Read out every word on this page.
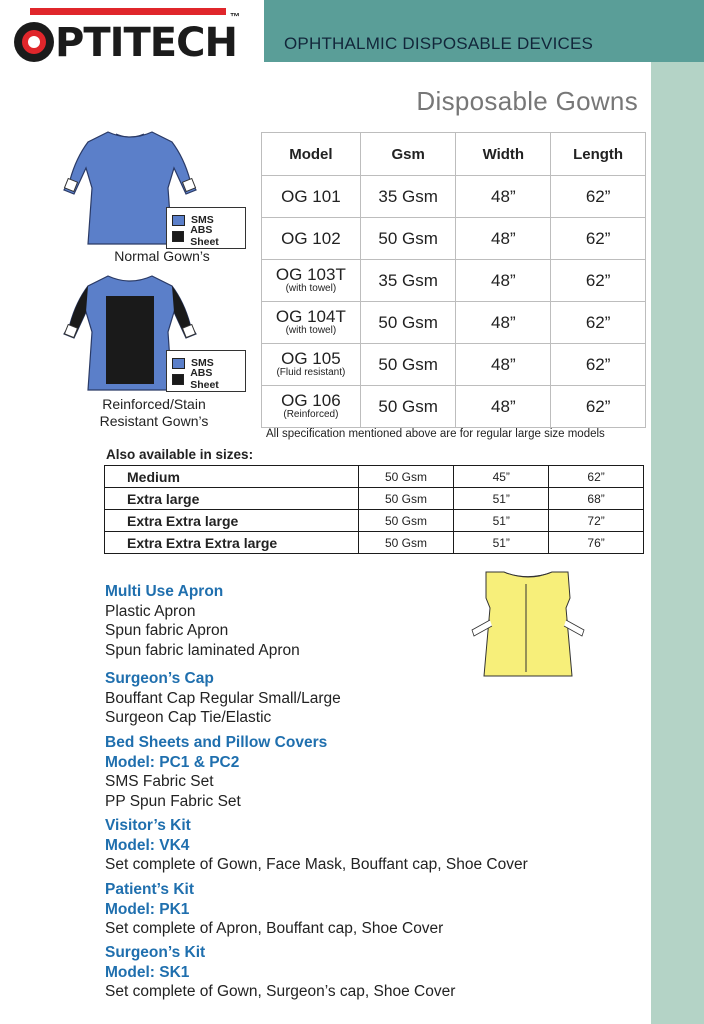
PTITECH
™
OPHTHALMIC DISPOSABLE DEVICES
Disposable Gowns
SMS
ABS Sheet
Normal Gown’s
SMS
ABS Sheet
Reinforced/Stain
Resistant Gown’s
Model	Gsm	Width	Length
OG 101	35 Gsm	48”	62”
OG 102	50 Gsm	48”	62”
OG 103T
(with towel)	35 Gsm	48”	62”
OG 104T
(with towel)	50 Gsm	48”	62”
OG 105
(Fluid resistant)	50 Gsm	48”	62”
OG 106
(Reinforced)	50 Gsm	48”	62”
All specification mentioned above are for regular large size models
Also available in sizes:
Medium	50 Gsm	45”	62”
Extra large	50 Gsm	51”	68”
Extra Extra large	50 Gsm	51”	72”
Extra Extra Extra large	50 Gsm	51”	76”
Multi Use Apron
Plastic Apron
Spun fabric Apron
Spun fabric laminated Apron
Surgeon’s Cap
Bouffant Cap Regular Small/Large
Surgeon Cap Tie/Elastic
Bed Sheets and Pillow Covers
Model: PC1 & PC2
SMS Fabric Set
PP Spun Fabric Set
Visitor’s Kit
Model: VK4
Set complete of Gown, Face Mask, Bouffant cap, Shoe Cover
Patient’s Kit
Model: PK1
Set complete of Apron, Bouffant cap, Shoe Cover
Surgeon’s Kit
Model: SK1
Set complete of Gown, Surgeon’s cap, Shoe Cover
